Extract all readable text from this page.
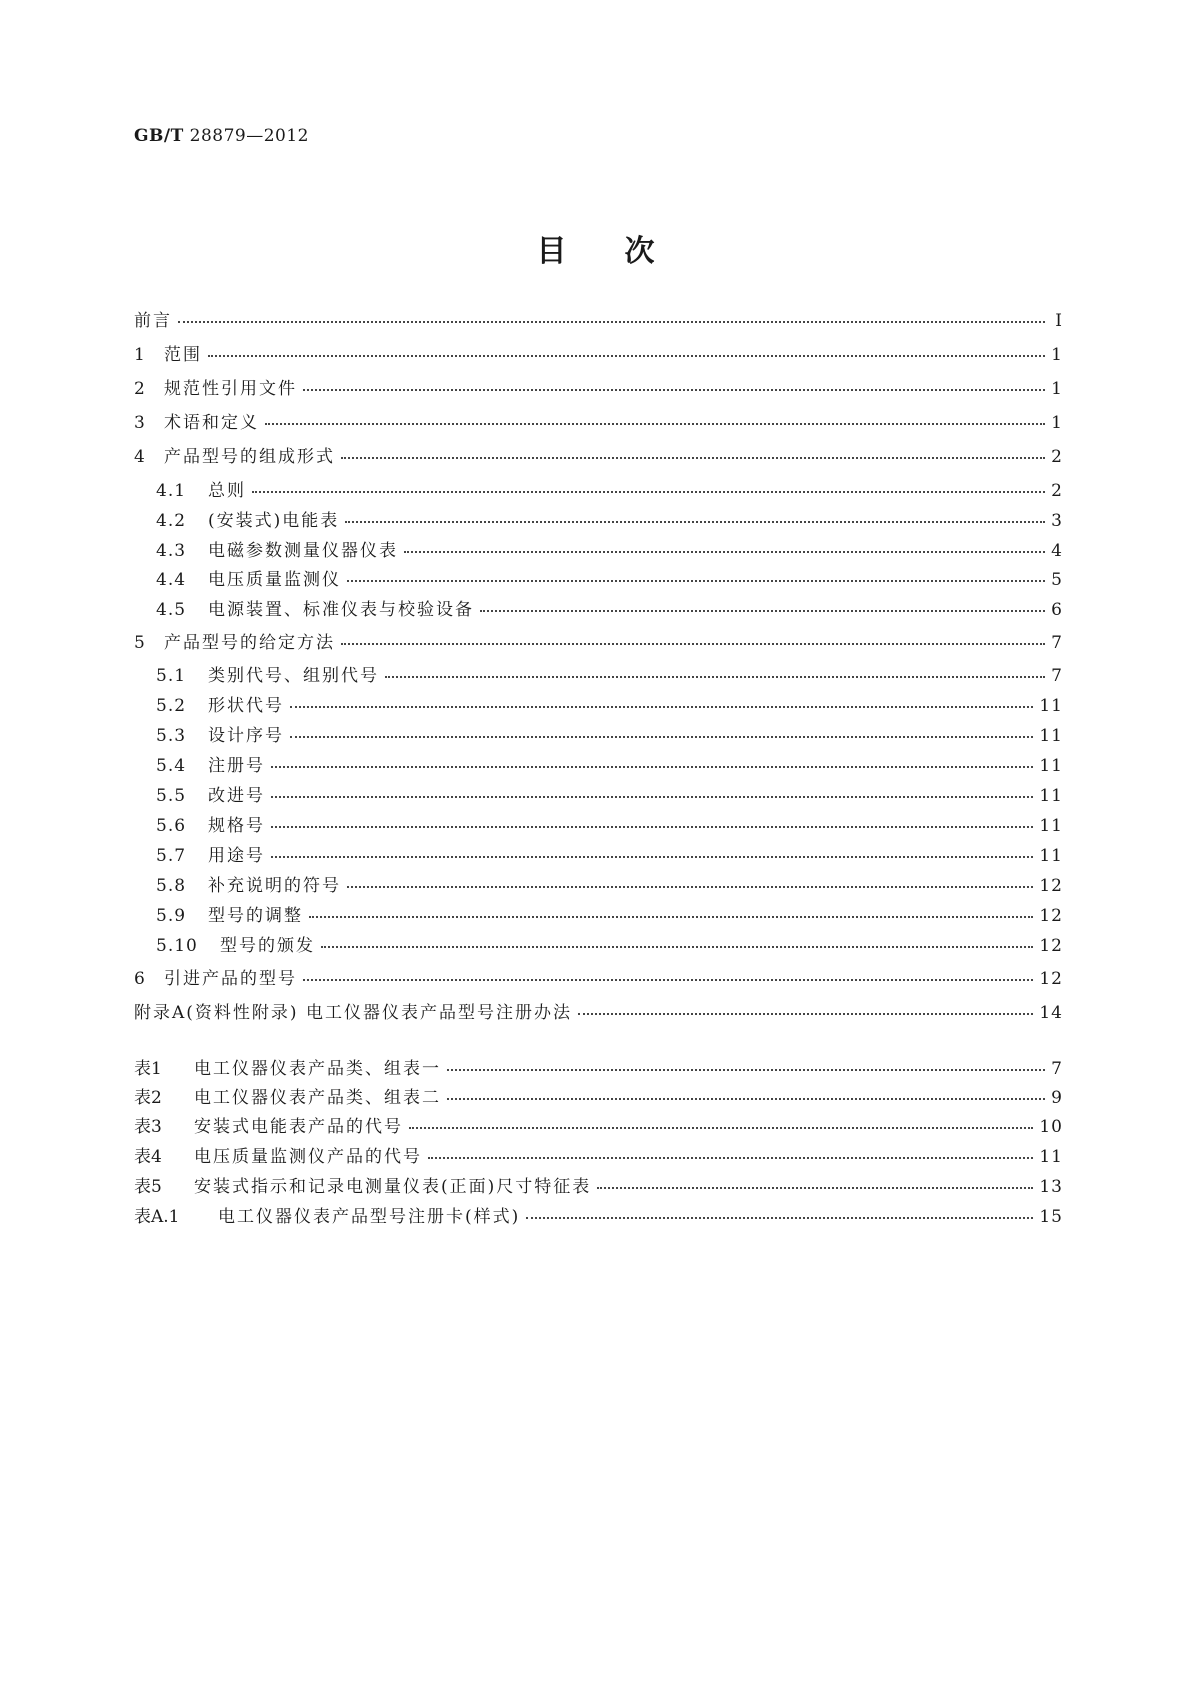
GB/T 28879—2012
目次
前言	Ⅰ
1	范围	1
2	规范性引用文件	1
3	术语和定义	1
4	产品型号的组成形式	2
4.1	总则	2
4.2	(安装式)电能表	3
4.3	电磁参数测量仪器仪表	4
4.4	电压质量监测仪	5
4.5	电源装置、标准仪表与校验设备	6
5	产品型号的给定方法	7
5.1	类别代号、组别代号	7
5.2	形状代号	11
5.3	设计序号	11
5.4	注册号	11
5.5	改进号	11
5.6	规格号	11
5.7	用途号	11
5.8	补充说明的符号	12
5.9	型号的调整	12
5.10	型号的颁发	12
6	引进产品的型号	12
附录A(资料性附录) 电工仪器仪表产品型号注册办法	14
表1	电工仪器仪表产品类、组表一	7
表2	电工仪器仪表产品类、组表二	9
表3	安装式电能表产品的代号	10
表4	电压质量监测仪产品的代号	11
表5	安装式指示和记录电测量仪表(正面)尺寸特征表	13
表A.1	电工仪器仪表产品型号注册卡(样式)	15
